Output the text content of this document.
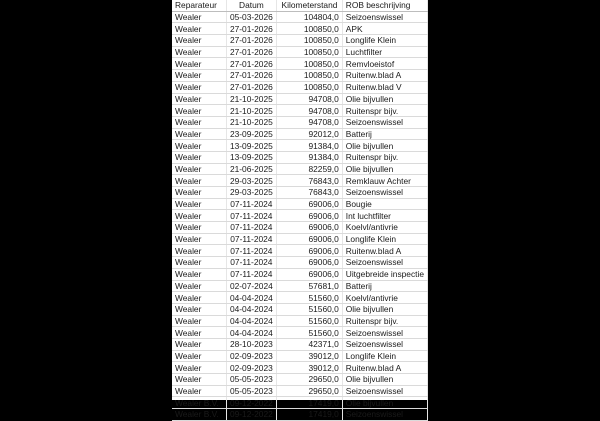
Reparateur	Datum	Kilometerstand	ROB beschrijving
Wealer	05-03-2026	104804,0	Seizoenswissel
Wealer	27-01-2026	100850,0	APK
Wealer	27-01-2026	100850,0	Longlife Klein
Wealer	27-01-2026	100850,0	Luchtfilter
Wealer	27-01-2026	100850,0	Remvloeistof
Wealer	27-01-2026	100850,0	Ruitenw.blad A
Wealer	27-01-2026	100850,0	Ruitenw.blad V
Wealer	21-10-2025	94708,0	Olie bijvullen
Wealer	21-10-2025	94708,0	Ruitenspr bijv.
Wealer	21-10-2025	94708,0	Seizoenswissel
Wealer	23-09-2025	92012,0	Batterij
Wealer	13-09-2025	91384,0	Olie bijvullen
Wealer	13-09-2025	91384,0	Ruitenspr bijv.
Wealer	21-06-2025	82259,0	Olie bijvullen
Wealer	29-03-2025	76843,0	Remklauw Achter
Wealer	29-03-2025	76843,0	Seizoenswissel
Wealer	07-11-2024	69006,0	Bougie
Wealer	07-11-2024	69006,0	Int luchtfilter
Wealer	07-11-2024	69006,0	Koelvl/antivrie
Wealer	07-11-2024	69006,0	Longlife Klein
Wealer	07-11-2024	69006,0	Ruitenw.blad A
Wealer	07-11-2024	69006,0	Seizoenswissel
Wealer	07-11-2024	69006,0	Uitgebreide inspectie
Wealer	02-07-2024	57681,0	Batterij
Wealer	04-04-2024	51560,0	Koelvl/antivrie
Wealer	04-04-2024	51560,0	Olie bijvullen
Wealer	04-04-2024	51560,0	Ruitenspr bijv.
Wealer	04-04-2024	51560,0	Seizoenswissel
Wealer	28-10-2023	42371,0	Seizoenswissel
Wealer	02-09-2023	39012,0	Longlife Klein
Wealer	02-09-2023	39012,0	Ruitenw.blad A
Wealer	05-05-2023	29650,0	Olie bijvullen
Wealer	05-05-2023	29650,0	Seizoenswissel
Wealer B.V.	09-12-2022	17419,0	Olie bijvullen
Wealer B.V.	09-12-2022	17419,0	Seizoenswissel
